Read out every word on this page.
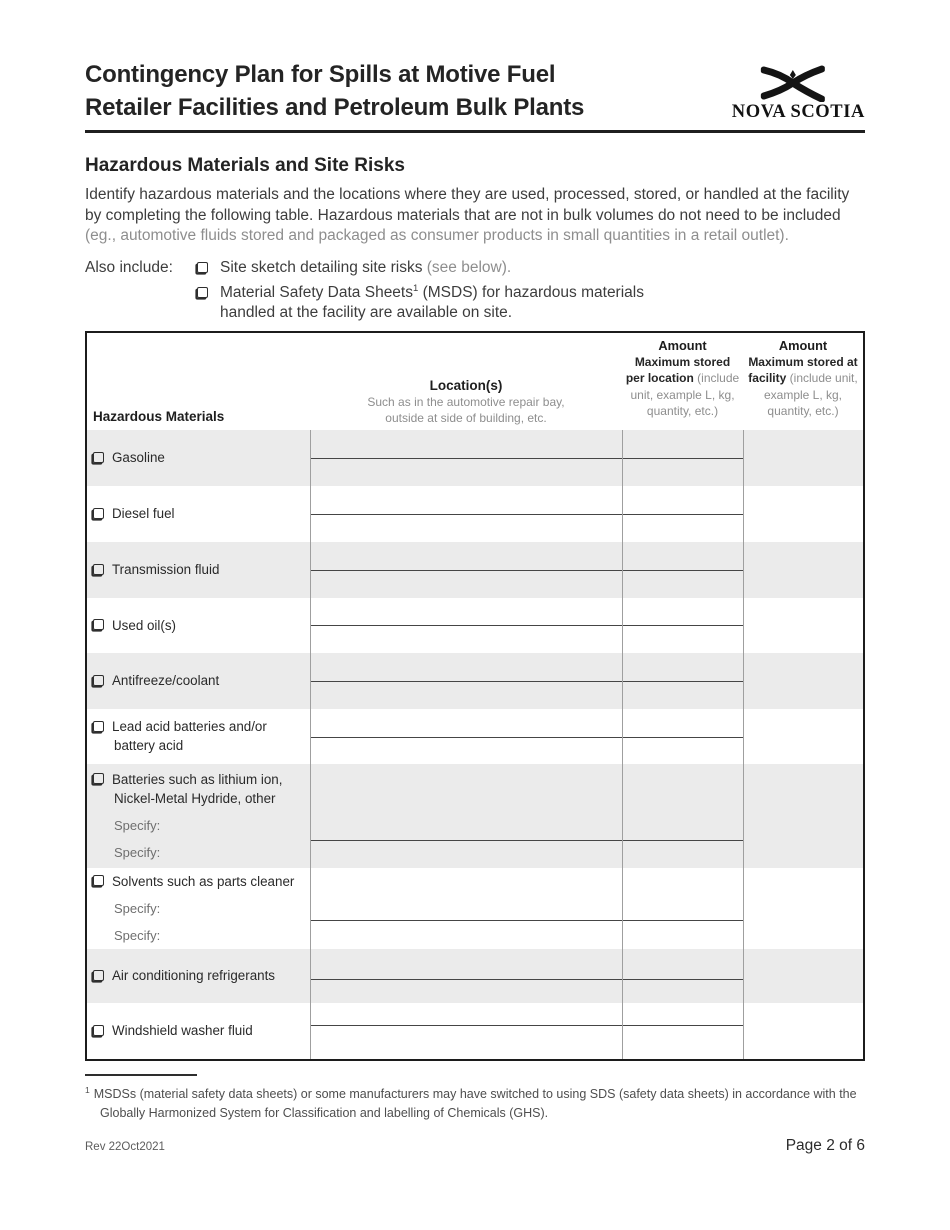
Contingency Plan for Spills at Motive Fuel
Retailer Facilities and Petroleum Bulk Plants	NOVA SCOTIA
Hazardous Materials and Site Risks

Identify hazardous materials and the locations where they are used, processed, stored, or handled at the facility by completing the following table. Hazardous materials that are not in bulk volumes do not need to be included (eg., automotive fluids stored and packaged as consumer products in small quantities in a retail outlet).

Also include:	Site sketch detailing site risks (see below).
Material Safety Data Sheets$^1$ (MSDS) for hazardous materials handled at the facility are available on site.
Hazardous Materials
Location(s)
Such as in the automotive repair bay, outside at side of building, etc.
Amount
Maximum stored per location (include unit, example L, kg, quantity, etc.)
Amount
Maximum stored at facility (include unit, example L, kg, quantity, etc.)
Gasoline
Diesel fuel
Transmission fluid
Used oil(s)
Antifreeze/coolant
Lead acid batteries and/or battery acid
Batteries such as lithium ion, Nickel-Metal Hydride, other
Specify:
Specify:
Solvents such as parts cleaner
Specify:
Specify:
Air conditioning refrigerants
Windshield washer fluid

$^1$ MSDSs (material safety data sheets) or some manufacturers may have switched to using SDS (safety data sheets) in accordance with the Globally Harmonized System for Classification and labelling of Chemicals (GHS).

Rev 22Oct2021	Page 2 of 6
